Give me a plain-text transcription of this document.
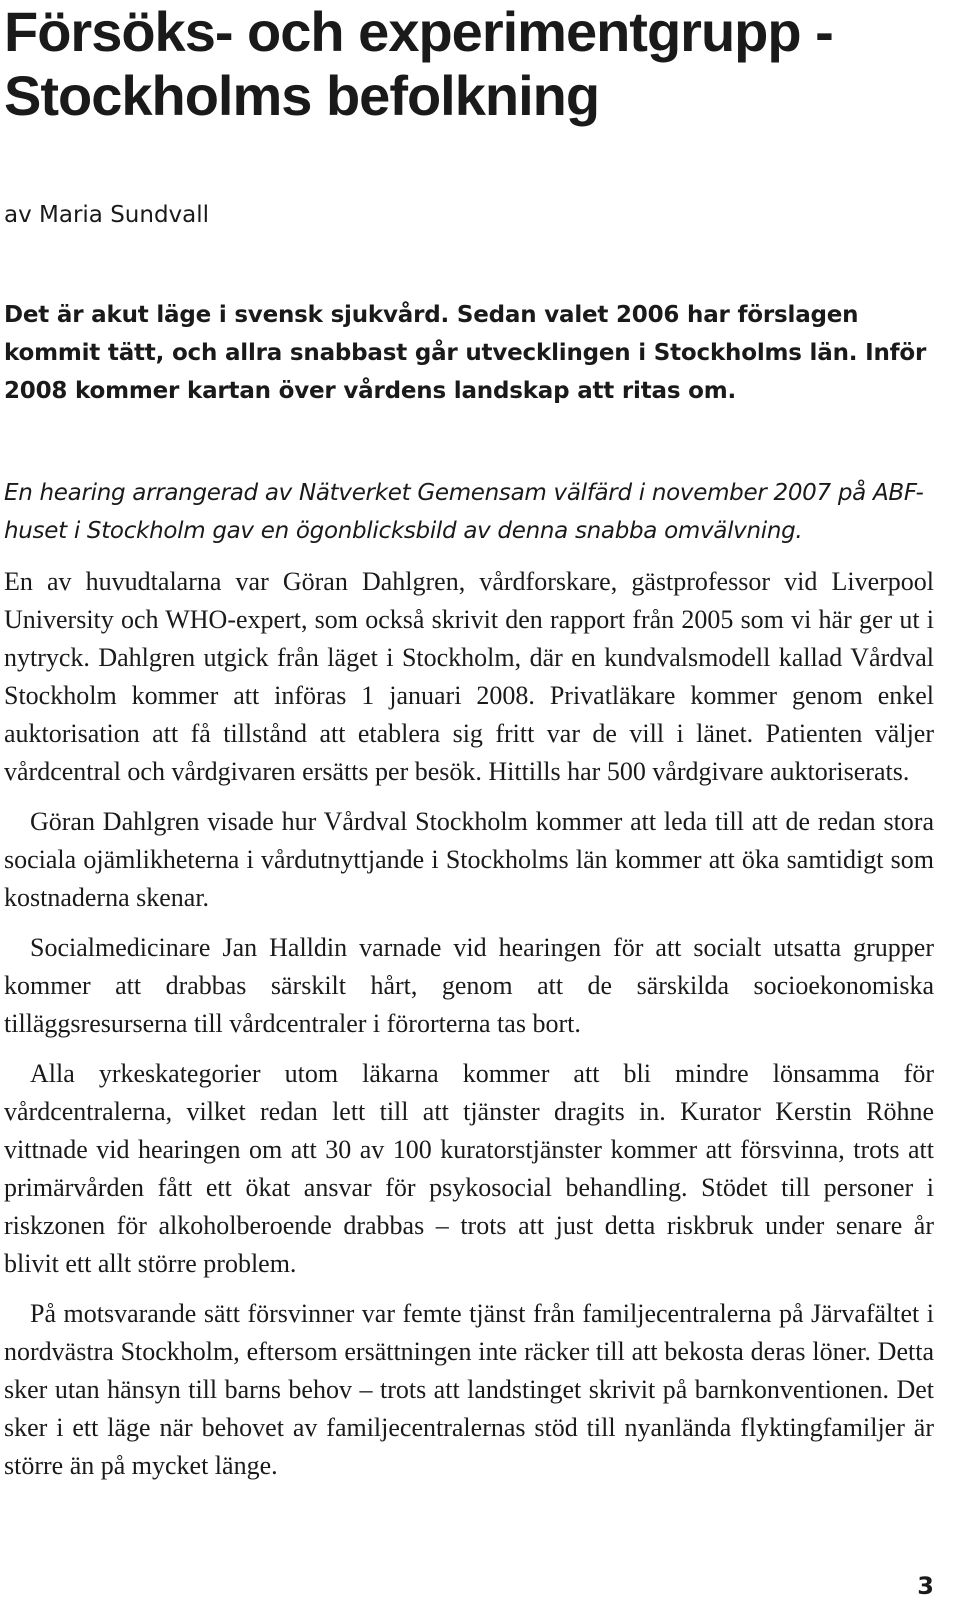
Försöks- och experimentgrupp -
Stockholms befolkning

av Maria Sundvall

Det är akut läge i svensk sjukvård. Sedan valet 2006 har förslagen kommit tätt, och allra snabbast går utvecklingen i Stockholms län. Inför 2008 kommer kartan över vårdens landskap att ritas om.

En hearing arrangerad av Nätverket Gemensam välfärd i november 2007 på ABF-huset i Stockholm gav en ögonblicksbild av denna snabba omvälvning.

En av huvudtalarna var Göran Dahlgren, vårdforskare, gästprofessor vid Liverpool University och WHO-expert, som också skrivit den rapport från 2005 som vi här ger ut i nytryck. Dahlgren utgick från läget i Stockholm, där en kundvalsmodell kallad Vårdval Stockholm kommer att införas 1 januari 2008. Privatläkare kommer genom enkel auktorisation att få tillstånd att etablera sig fritt var de vill i länet. Patienten väljer vårdcentral och vårdgivaren ersätts per besök. Hittills har 500 vårdgivare auktoriserats.

Göran Dahlgren visade hur Vårdval Stockholm kommer att leda till att de redan stora sociala ojämlikheterna i vårdutnyttjande i Stockholms län kommer att öka samtidigt som kostnaderna skenar.

Socialmedicinare Jan Halldin varnade vid hearingen för att socialt utsatta grupper kommer att drabbas särskilt hårt, genom att de särskilda socioekonomiska tilläggsresurserna till vårdcentraler i förorterna tas bort.

Alla yrkeskategorier utom läkarna kommer att bli mindre lönsamma för vårdcentralerna, vilket redan lett till att tjänster dragits in. Kurator Kerstin Röhne vittnade vid hearingen om att 30 av 100 kuratorstjänster kommer att försvinna, trots att primärvården fått ett ökat ansvar för psykosocial behandling. Stödet till personer i riskzonen för alkoholberoende drabbas – trots att just detta riskbruk under senare år blivit ett allt större problem.

På motsvarande sätt försvinner var femte tjänst från familjecentralerna på Järvafältet i nordvästra Stockholm, eftersom ersättningen inte räcker till att bekosta deras löner. Detta sker utan hänsyn till barns behov – trots att landstinget skrivit på barnkonventionen. Det sker i ett läge när behovet av familjecentralernas stöd till nyanlända flyktingfamiljer är större än på mycket länge.

3
